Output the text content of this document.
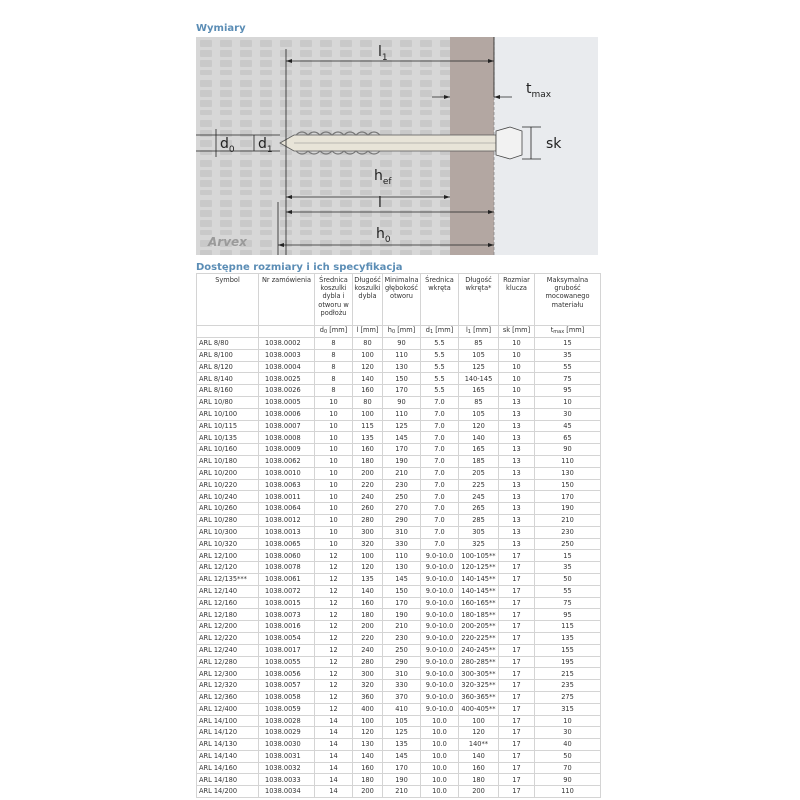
Wymiary
$l_1$
$t_{max}$
sk
$d_0$ $d_1$
$h_{ef}$
l
$h_0$
Arvex
Dostępne rozmiary i ich specyfikacja
Symbol	Nr zamówienia	Średnica koszulki dybla i otworu w podłożu	Długość koszulki dybla	Minimalna głębokość otworu	Średnica wkręta	Długość wkręta*	Rozmiar klucza	Maksymalna grubość mocowanego materiału
		$d_0$ [mm]	l [mm]	$h_0$ [mm]	$d_1$ [mm]	$l_1$ [mm]	sk [mm]	$t_{max}$ [mm]
ARL 8/80	1038.0002	8	80	90	5.5	85	10	15
ARL 8/100	1038.0003	8	100	110	5.5	105	10	35
ARL 8/120	1038.0004	8	120	130	5.5	125	10	55
ARL 8/140	1038.0025	8	140	150	5.5	140-145	10	75
ARL 8/160	1038.0026	8	160	170	5.5	165	10	95
ARL 10/80	1038.0005	10	80	90	7.0	85	13	10
ARL 10/100	1038.0006	10	100	110	7.0	105	13	30
ARL 10/115	1038.0007	10	115	125	7.0	120	13	45
ARL 10/135	1038.0008	10	135	145	7.0	140	13	65
ARL 10/160	1038.0009	10	160	170	7.0	165	13	90
ARL 10/180	1038.0062	10	180	190	7.0	185	13	110
ARL 10/200	1038.0010	10	200	210	7.0	205	13	130
ARL 10/220	1038.0063	10	220	230	7.0	225	13	150
ARL 10/240	1038.0011	10	240	250	7.0	245	13	170
ARL 10/260	1038.0064	10	260	270	7.0	265	13	190
ARL 10/280	1038.0012	10	280	290	7.0	285	13	210
ARL 10/300	1038.0013	10	300	310	7.0	305	13	230
ARL 10/320	1038.0065	10	320	330	7.0	325	13	250
ARL 12/100	1038.0060	12	100	110	9.0-10.0	100-105**	17	15
ARL 12/120	1038.0078	12	120	130	9.0-10.0	120-125**	17	35
ARL 12/135***	1038.0061	12	135	145	9.0-10.0	140-145**	17	50
ARL 12/140	1038.0072	12	140	150	9.0-10.0	140-145**	17	55
ARL 12/160	1038.0015	12	160	170	9.0-10.0	160-165**	17	75
ARL 12/180	1038.0073	12	180	190	9.0-10.0	180-185**	17	95
ARL 12/200	1038.0016	12	200	210	9.0-10.0	200-205**	17	115
ARL 12/220	1038.0054	12	220	230	9.0-10.0	220-225**	17	135
ARL 12/240	1038.0017	12	240	250	9.0-10.0	240-245**	17	155
ARL 12/280	1038.0055	12	280	290	9.0-10.0	280-285**	17	195
ARL 12/300	1038.0056	12	300	310	9.0-10.0	300-305**	17	215
ARL 12/320	1038.0057	12	320	330	9.0-10.0	320-325**	17	235
ARL 12/360	1038.0058	12	360	370	9.0-10.0	360-365**	17	275
ARL 12/400	1038.0059	12	400	410	9.0-10.0	400-405**	17	315
ARL 14/100	1038.0028	14	100	105	10.0	100	17	10
ARL 14/120	1038.0029	14	120	125	10.0	120	17	30
ARL 14/130	1038.0030	14	130	135	10.0	140**	17	40
ARL 14/140	1038.0031	14	140	145	10.0	140	17	50
ARL 14/160	1038.0032	14	160	170	10.0	160	17	70
ARL 14/180	1038.0033	14	180	190	10.0	180	17	90
ARL 14/200	1038.0034	14	200	210	10.0	200	17	110
